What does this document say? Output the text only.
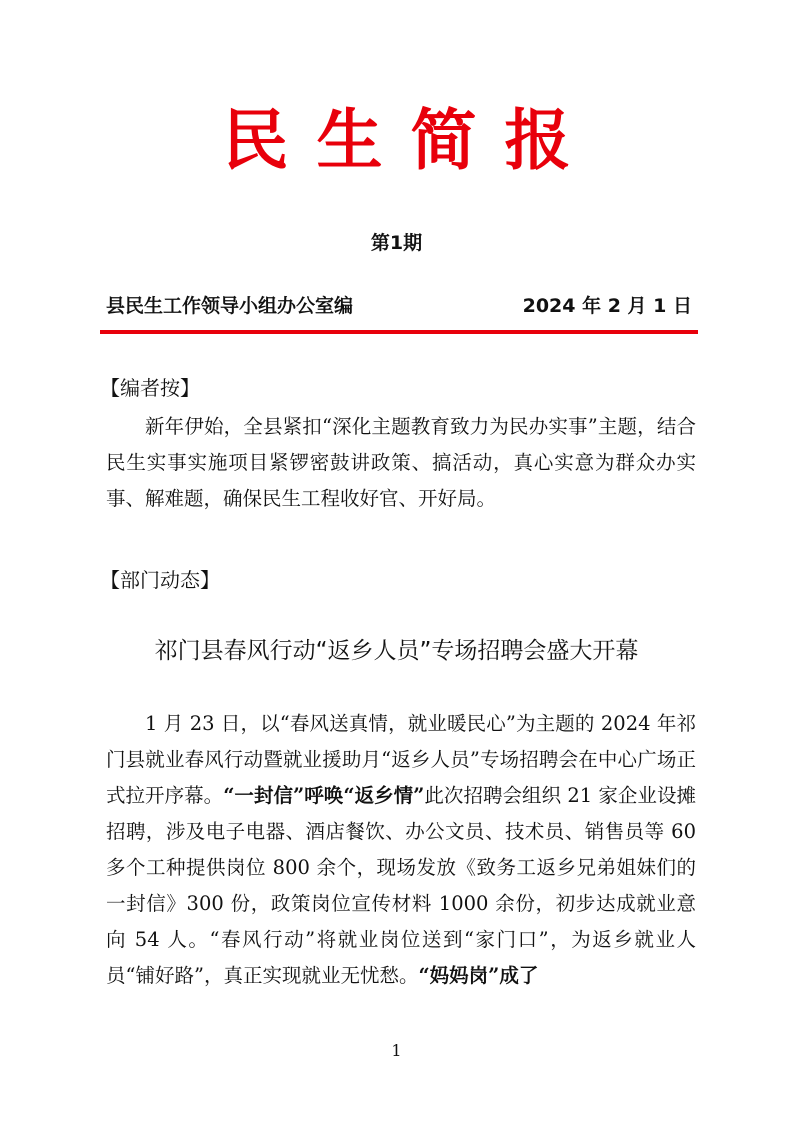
民生简报
第1期
县民生工作领导小组办公室编	2024 年 2 月 1 日
【编者按】

新年伊始，全县紧扣“深化主题教育致力为民办实事”主题，结合民生实事实施项目紧锣密鼓讲政策、搞活动，真心实意为群众办实事、解难题，确保民生工程收好官、开好局。

【部门动态】
祁门县春风行动“返乡人员”专场招聘会盛大开幕

1 月 23 日，以“春风送真情，就业暖民心”为主题的 2024 年祁门县就业春风行动暨就业援助月“返乡人员”专场招聘会在中心广场正式拉开序幕。“一封信”呼唤“返乡情”此次招聘会组织 21 家企业设摊招聘，涉及电子电器、酒店餐饮、办公文员、技术员、销售员等 60 多个工种提供岗位 800 余个，现场发放《致务工返乡兄弟姐妹们的一封信》300 份，政策岗位宣传材料 1000 余份，初步达成就业意向 54 人。“春风行动”将就业岗位送到“家门口”，为返乡就业人员“铺好路”，真正实现就业无忧愁。“妈妈岗”成了

1
